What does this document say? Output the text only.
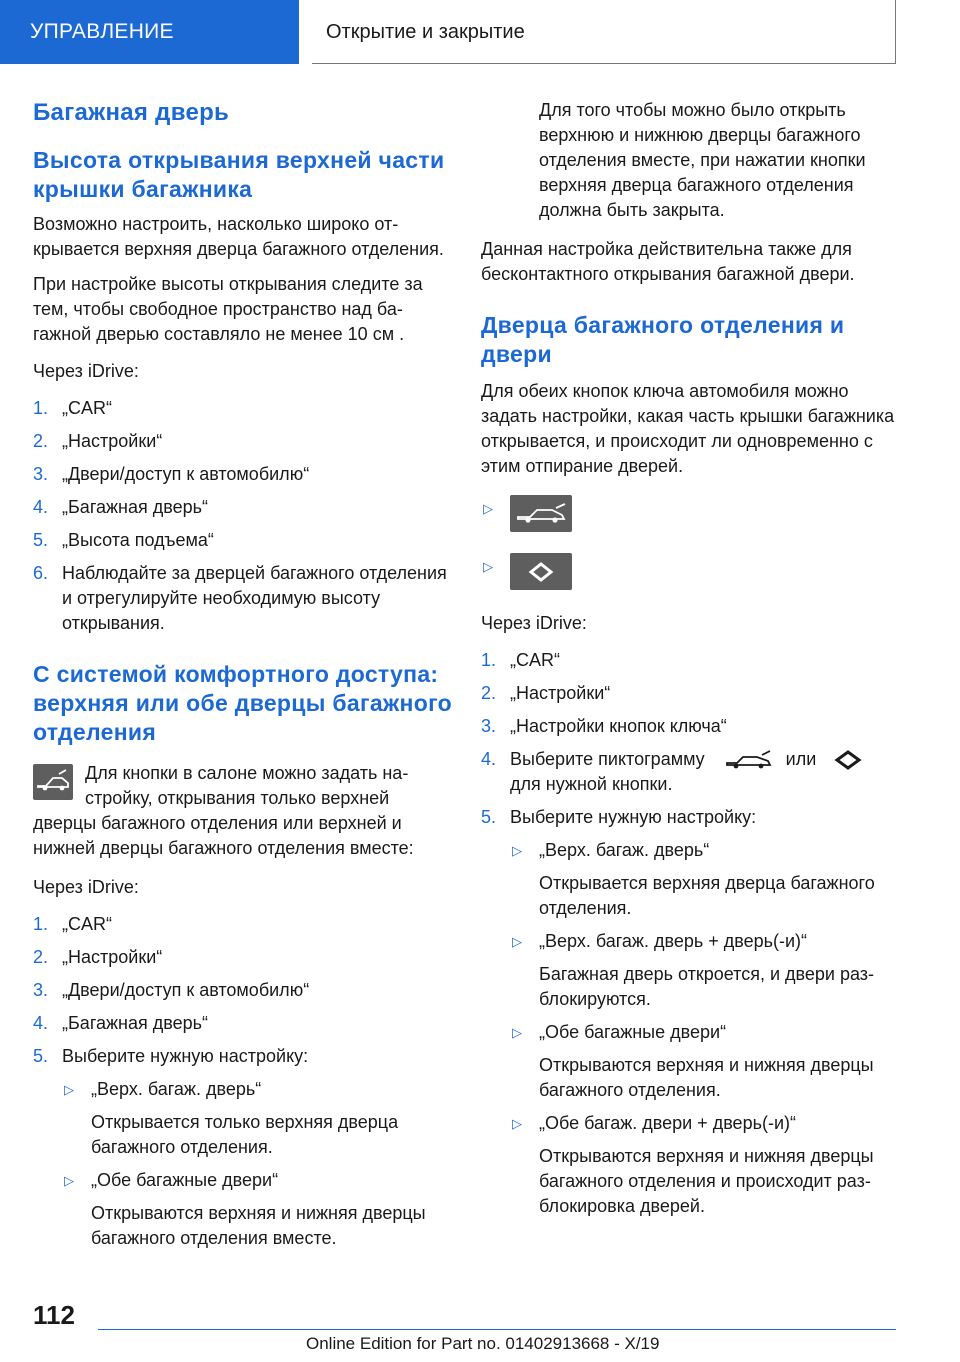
УПРАВЛЕНИЕ	Открытие и закрытие
Багажная дверь
Высота открывания верхней части крышки багажника

Возможно настроить, насколько широко открывается верхняя дверца багажного отделения.

При настройке высоты открывания следите за тем, чтобы свободное пространство над багажной дверью составляло не менее 10 см .

Через iDrive:

1. „CAR“
2. „Настройки“
3. „Двери/доступ к автомобилю“
4. „Багажная дверь“
5. „Высота подъема“
6. Наблюдайте за дверцей багажного отделения и отрегулируйте необходимую высоту открывания.
С системой комфортного доступа: верхняя или обе дверцы багажного отделения

Для кнопки в салоне можно задать настройку, открывания только верхней дверцы багажного отделения или верхней и нижней дверцы багажного отделения вместе:

Через iDrive:

1. „CAR“
2. „Настройки“
3. „Двери/доступ к автомобилю“
4. „Багажная дверь“
5. Выберите нужную настройку:
▷ „Верх. багаж. дверь“
Открывается только верхняя дверца багажного отделения.
▷ „Обе багажные двери“
Открываются верхняя и нижняя дверцы багажного отделения вместе.

Для того чтобы можно было открыть верхнюю и нижнюю дверцы багажного отделения вместе, при нажатии кнопки верхняя дверца багажного отделения должна быть закрыта.

Данная настройка действительна также для бесконтактного открывания багажной двери.

Дверца багажного отделения и двери

Для обеих кнопок ключа автомобиля можно задать настройки, какая часть крышки багажника открывается, и происходит ли одновременно с этим отпирание дверей.

▷
▷

Через iDrive:

1. „CAR“
2. „Настройки“
3. „Настройки кнопок ключа“
4. Выберите пиктограмму	или
для нужной кнопки.
5. Выберите нужную настройку:
▷ „Верх. багаж. дверь“
Открывается верхняя дверца багажного отделения.
▷ „Верх. багаж. дверь + дверь(-и)“
Багажная дверь откроется, и двери разблокируются.
▷ „Обе багажные двери“
Открываются верхняя и нижняя дверцы багажного отделения.
▷ „Обе багаж. двери + дверь(-и)“
Открываются верхняя и нижняя дверцы багажного отделения и происходит разблокировка дверей.
112
Online Edition for Part no. 01402913668 - X/19
